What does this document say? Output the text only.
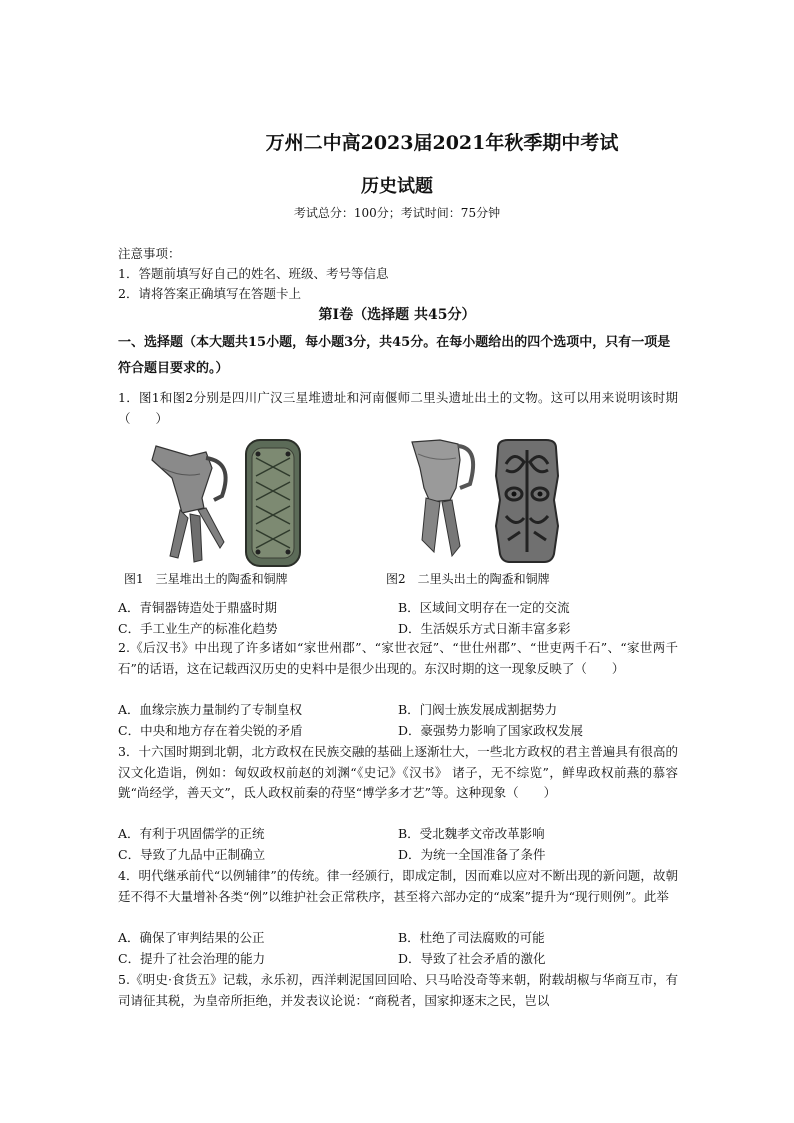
万州二中高2023届2021年秋季期中考试
历史试题
考试总分：100分；考试时间：75分钟
注意事项：
1．答题前填写好自己的姓名、班级、考号等信息
2．请将答案正确填写在答题卡上
第Ⅰ卷（选择题 共45分）
一、选择题（本大题共15小题，每小题3分，共45分。在每小题给出的四个选项中，只有一项是符合题目要求的。）
1．图1和图2分别是四川广汉三星堆遗址和河南偃师二里头遗址出土的文物。这可以用来说明该时期（　　）
图1　三星堆出土的陶盉和铜牌	图2　二里头出土的陶盉和铜牌
A．青铜器铸造处于鼎盛时期	B．区域间文明存在一定的交流
C．手工业生产的标准化趋势	D．生活娱乐方式日渐丰富多彩
2.《后汉书》中出现了许多诸如“家世州郡”、“家世衣冠”、“世仕州郡”、“世吏两千石”、“家世两千石”的话语，这在记载西汉历史的史料中是很少出现的。东汉时期的这一现象反映了（　　）
A．血缘宗族力量制约了专制皇权	B．门阀士族发展成割据势力
C．中央和地方存在着尖锐的矛盾	D．豪强势力影响了国家政权发展
3．十六国时期到北朝，北方政权在民族交融的基础上逐渐壮大，一些北方政权的君主普遍具有很高的汉文化造诣，例如：匈奴政权前赵的刘渊“《史记》《汉书》 诸子，无不综览”，鲜卑政权前燕的慕容皝“尚经学，善天文”，氐人政权前秦的苻坚“博学多才艺”等。这种现象（　　）
A．有利于巩固儒学的正统	B．受北魏孝文帝改革影响
C．导致了九品中正制确立	D．为统一全国准备了条件
4．明代继承前代“以例辅律”的传统。律一经颁行，即成定制，因而难以应对不断出现的新问题，故朝廷不得不大量增补各类“例”以维护社会正常秩序，甚至将六部办定的“成案”提升为“现行则例”。此举
A．确保了审判结果的公正	B．杜绝了司法腐败的可能
C．提升了社会治理的能力	D．导致了社会矛盾的激化
5.《明史·食货五》记载，永乐初，西洋剌泥国回回哈、只马哈没奇等来朝，附载胡椒与华商互市，有司请征其税，为皇帝所拒绝，并发表议论说：“商税者，国家抑逐末之民，岂以
